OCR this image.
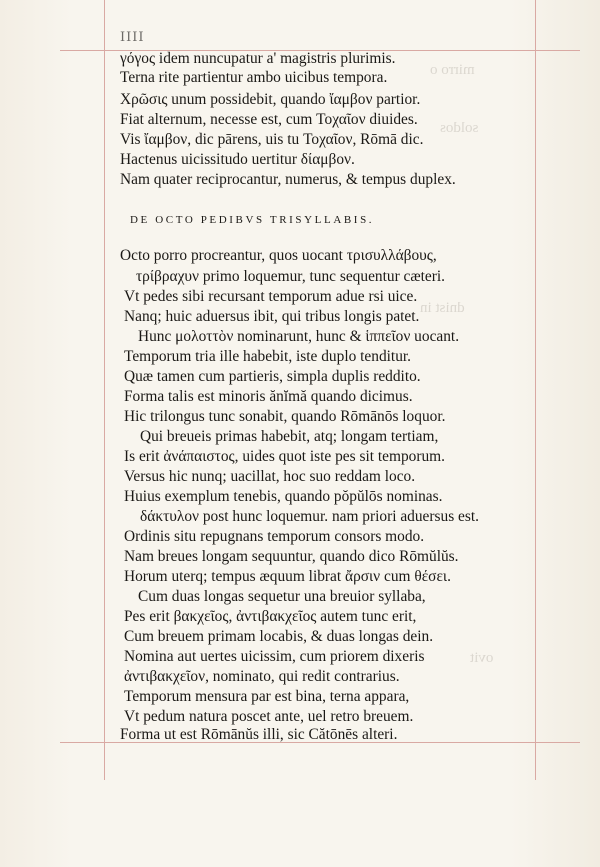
mirro o
soldos
dnist in
ovit
IIII
γόγος idem nuncupatur a' magistris plurimis.
Terna rite partientur ambo uicibus tempora.
Χρῶσις unum possidebit, quando ἴαμβον partior.
Fiat alternum, necesse est, cum Τοχαῖον diuides.
Vis ἴαμβον, dic pārens, uis tu Τοχαῖον, Rōmā dic.
Hactenus uicissitudo uertitur δίαμβον.
Nam quater reciprocantur, numerus, & tempus duplex.
DE OCTO PEDIBVS TRISYLLABIS.
Octo porro procreantur, quos uocant τρισυλλάβους,
τρίβραχυν primo loquemur, tunc sequentur cæteri.
Vt pedes sibi recursant temporum adue rsi uice.
Nanq; huic aduersus ibit, qui tribus longis patet.
Hunc μολοττὸν nominarunt, hunc & ἱππεῖον uocant.
Temporum tria ille habebit, iste duplo tenditur.
Quæ tamen cum partieris, simpla duplis reddito.
Forma talis est minoris ănĭmă quando dicimus.
Hic trilongus tunc sonabit, quando Rōmānōs loquor.
Qui breueis primas habebit, atq; longam tertiam,
Is erit ἀνάπαιστος, uides quot iste pes sit temporum.
Versus hic nunq; uacillat, hoc suo reddam loco.
Huius exemplum tenebis, quando pŏpŭlōs nominas.
δάκτυλον post hunc loquemur. nam priori aduersus est.
Ordinis situ repugnans temporum consors modo.
Nam breues longam sequuntur, quando dico Rōmŭlŭs.
Horum uterq; tempus æquum librat ἄρσιν cum θέσει.
Cum duas longas sequetur una breuior syllaba,
Pes erit βακχεῖος, ἀντιβακχεῖος autem tunc erit,
Cum breuem primam locabis, & duas longas dein.
Nomina aut uertes uicissim, cum priorem dixeris
ἀντιβακχεῖον, nominato, qui redit contrarius.
Temporum mensura par est bina, terna appara,
Vt pedum natura poscet ante, uel retro breuem.
Forma ut est Rōmānŭs illi, sic Cătōnēs alteri.
